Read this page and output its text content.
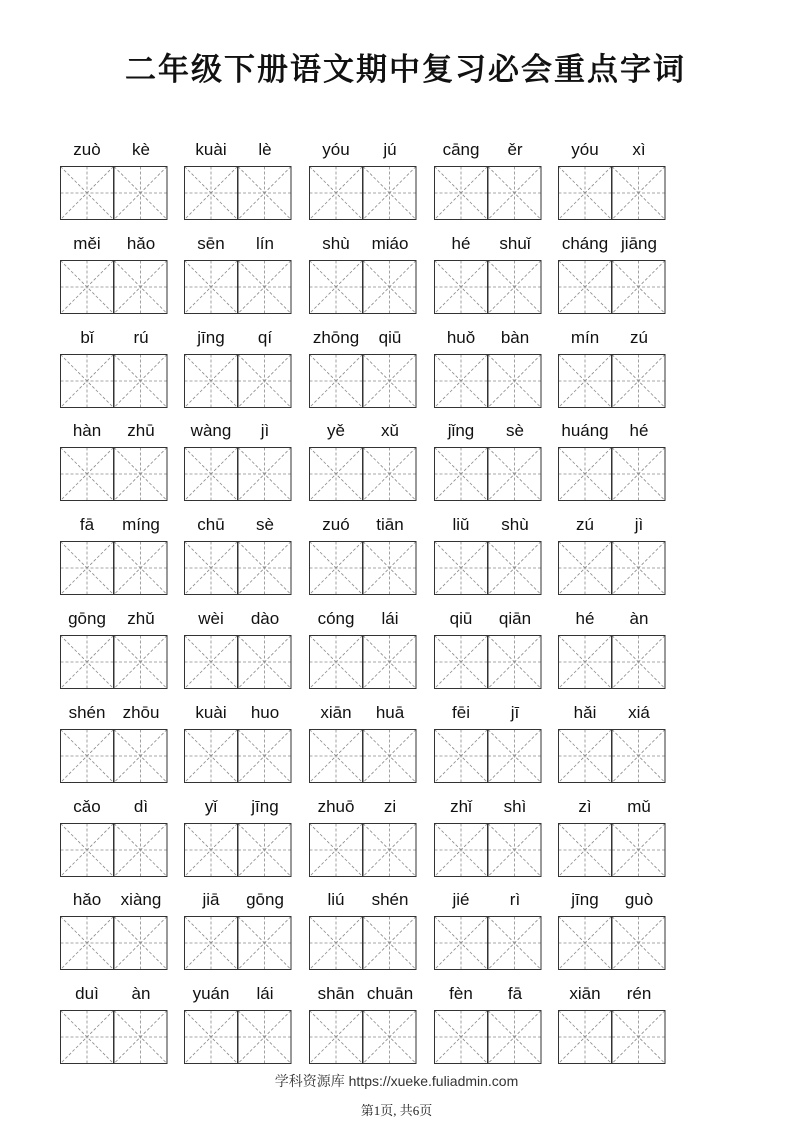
二年级下册语文期中复习必会重点字词
zuò	kè	kuài	lè	yóu	jú	cāng	ěr	yóu	xì
měi	hǎo	sēn	lín	shù	miáo	hé	shuǐ	cháng jiāng
bǐ	rú	jīng	qí	zhōng	qiū	huǒ	bàn	mín	zú
hàn	zhū	wàng	jì	yě	xǔ	jǐng	sè	huáng	hé
fā	míng	chū	sè	zuó	tiān	liǔ	shù	zú	jì
gōng	zhǔ	wèi	dào	cóng	lái	qiū	qiān	hé	àn
shén	zhōu	kuài	huo	xiān	huā	fēi	jī	hǎi	xiá
cǎo	dì	yǐ	jīng	zhuō	zi	zhǐ	shì	zì	mǔ
hǎo	xiàng	jiā	gōng	liú	shén	jié	rì	jīng	guò
duì	àn	yuán	lái	shān chuān	fèn	fā	xiān	rén
学科资源库 https://xueke.fuliadmin.com
第1页, 共6页
